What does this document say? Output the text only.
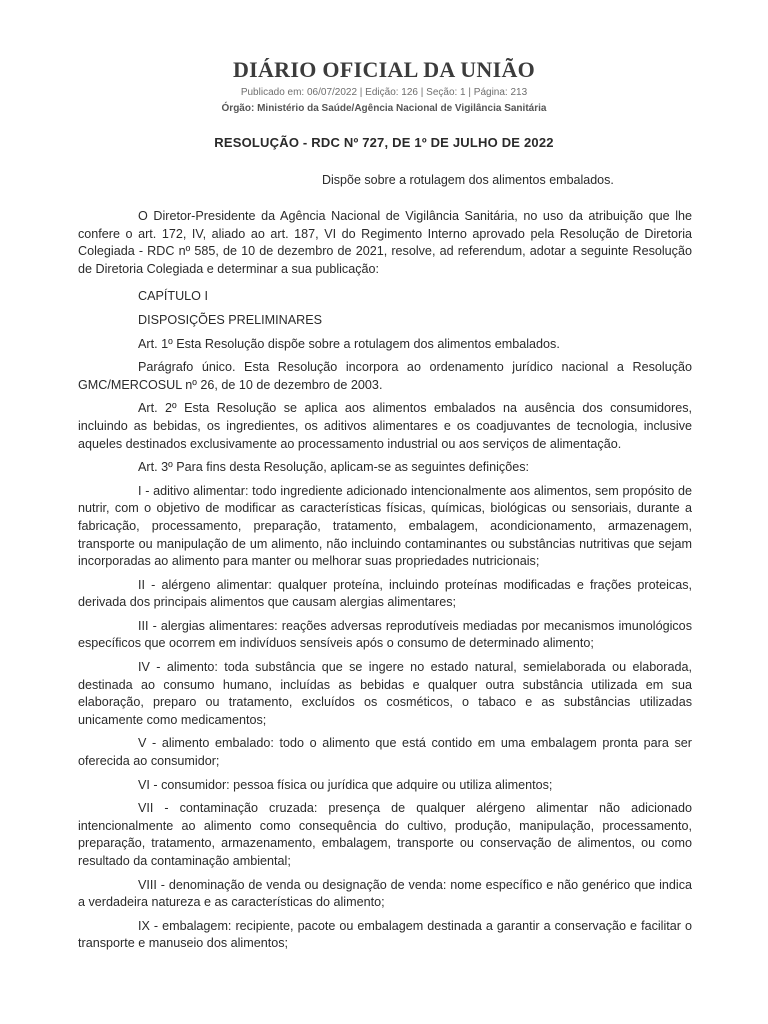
DIÁRIO OFICIAL DA UNIÃO
Publicado em: 06/07/2022 | Edição: 126 | Seção: 1 | Página: 213
Órgão: Ministério da Saúde/Agência Nacional de Vigilância Sanitária
RESOLUÇÃO - RDC Nº 727, DE 1º DE JULHO DE 2022
Dispõe sobre a rotulagem dos alimentos embalados.

O Diretor-Presidente da Agência Nacional de Vigilância Sanitária, no uso da atribuição que lhe confere o art. 172, IV, aliado ao art. 187, VI do Regimento Interno aprovado pela Resolução de Diretoria Colegiada - RDC nº 585, de 10 de dezembro de 2021, resolve, ad referendum, adotar a seguinte Resolução de Diretoria Colegiada e determinar a sua publicação:

CAPÍTULO I

DISPOSIÇÕES PRELIMINARES

Art. 1º Esta Resolução dispõe sobre a rotulagem dos alimentos embalados.

Parágrafo único. Esta Resolução incorpora ao ordenamento jurídico nacional a Resolução GMC/MERCOSUL nº 26, de 10 de dezembro de 2003.

Art. 2º Esta Resolução se aplica aos alimentos embalados na ausência dos consumidores, incluindo as bebidas, os ingredientes, os aditivos alimentares e os coadjuvantes de tecnologia, inclusive aqueles destinados exclusivamente ao processamento industrial ou aos serviços de alimentação.

Art. 3º Para fins desta Resolução, aplicam-se as seguintes definições:

I - aditivo alimentar: todo ingrediente adicionado intencionalmente aos alimentos, sem propósito de nutrir, com o objetivo de modificar as características físicas, químicas, biológicas ou sensoriais, durante a fabricação, processamento, preparação, tratamento, embalagem, acondicionamento, armazenagem, transporte ou manipulação de um alimento, não incluindo contaminantes ou substâncias nutritivas que sejam incorporadas ao alimento para manter ou melhorar suas propriedades nutricionais;

II - alérgeno alimentar: qualquer proteína, incluindo proteínas modificadas e frações proteicas, derivada dos principais alimentos que causam alergias alimentares;

III - alergias alimentares: reações adversas reprodutíveis mediadas por mecanismos imunológicos específicos que ocorrem em indivíduos sensíveis após o consumo de determinado alimento;

IV - alimento: toda substância que se ingere no estado natural, semielaborada ou elaborada, destinada ao consumo humano, incluídas as bebidas e qualquer outra substância utilizada em sua elaboração, preparo ou tratamento, excluídos os cosméticos, o tabaco e as substâncias utilizadas unicamente como medicamentos;

V - alimento embalado: todo o alimento que está contido em uma embalagem pronta para ser oferecida ao consumidor;

VI - consumidor: pessoa física ou jurídica que adquire ou utiliza alimentos;

VII - contaminação cruzada: presença de qualquer alérgeno alimentar não adicionado intencionalmente ao alimento como consequência do cultivo, produção, manipulação, processamento, preparação, tratamento, armazenamento, embalagem, transporte ou conservação de alimentos, ou como resultado da contaminação ambiental;

VIII - denominação de venda ou designação de venda: nome específico e não genérico que indica a verdadeira natureza e as características do alimento;

IX - embalagem: recipiente, pacote ou embalagem destinada a garantir a conservação e facilitar o transporte e manuseio dos alimentos;
